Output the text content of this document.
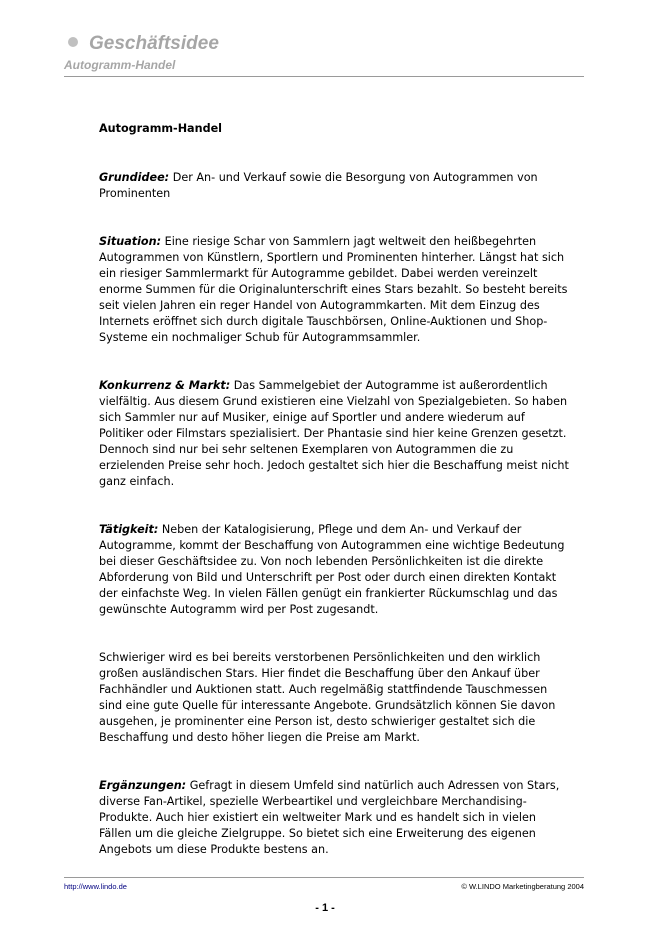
Geschäftsidee
Autogramm-Handel

Autogramm-Handel

Grundidee: Der An- und Verkauf sowie die Besorgung von Autogrammen von
Prominenten

Situation: Eine riesige Schar von Sammlern jagt weltweit den heißbegehrten
Autogrammen von Künstlern, Sportlern und Prominenten hinterher. Längst hat sich
ein riesiger Sammlermarkt für Autogramme gebildet. Dabei werden vereinzelt
enorme Summen für die Originalunterschrift eines Stars bezahlt. So besteht bereits
seit vielen Jahren ein reger Handel von Autogrammkarten. Mit dem Einzug des
Internets eröffnet sich durch digitale Tauschbörsen, Online-Auktionen und Shop-
Systeme ein nochmaliger Schub für Autogrammsammler.

Konkurrenz & Markt: Das Sammelgebiet der Autogramme ist außerordentlich
vielfältig. Aus diesem Grund existieren eine Vielzahl von Spezialgebieten. So haben
sich Sammler nur auf Musiker, einige auf Sportler und andere wiederum auf
Politiker oder Filmstars spezialisiert. Der Phantasie sind hier keine Grenzen gesetzt.
Dennoch sind nur bei sehr seltenen Exemplaren von Autogrammen die zu
erzielenden Preise sehr hoch. Jedoch gestaltet sich hier die Beschaffung meist nicht
ganz einfach.

Tätigkeit: Neben der Katalogisierung, Pflege und dem An- und Verkauf der
Autogramme, kommt der Beschaffung von Autogrammen eine wichtige Bedeutung
bei dieser Geschäftsidee zu. Von noch lebenden Persönlichkeiten ist die direkte
Abforderung von Bild und Unterschrift per Post oder durch einen direkten Kontakt
der einfachste Weg. In vielen Fällen genügt ein frankierter Rückumschlag und das
gewünschte Autogramm wird per Post zugesandt.

Schwieriger wird es bei bereits verstorbenen Persönlichkeiten und den wirklich
großen ausländischen Stars. Hier findet die Beschaffung über den Ankauf über
Fachhändler und Auktionen statt. Auch regelmäßig stattfindende Tauschmessen
sind eine gute Quelle für interessante Angebote. Grundsätzlich können Sie davon
ausgehen, je prominenter eine Person ist, desto schwieriger gestaltet sich die
Beschaffung und desto höher liegen die Preise am Markt.

Ergänzungen: Gefragt in diesem Umfeld sind natürlich auch Adressen von Stars,
diverse Fan-Artikel, spezielle Werbeartikel und vergleichbare Merchandising-
Produkte. Auch hier existiert ein weltweiter Mark und es handelt sich in vielen
Fällen um die gleiche Zielgruppe. So bietet sich eine Erweiterung des eigenen
Angebots um diese Produkte bestens an.

http://www.lindo.de	© W.LINDO Marketingberatung 2004
- 1 -
